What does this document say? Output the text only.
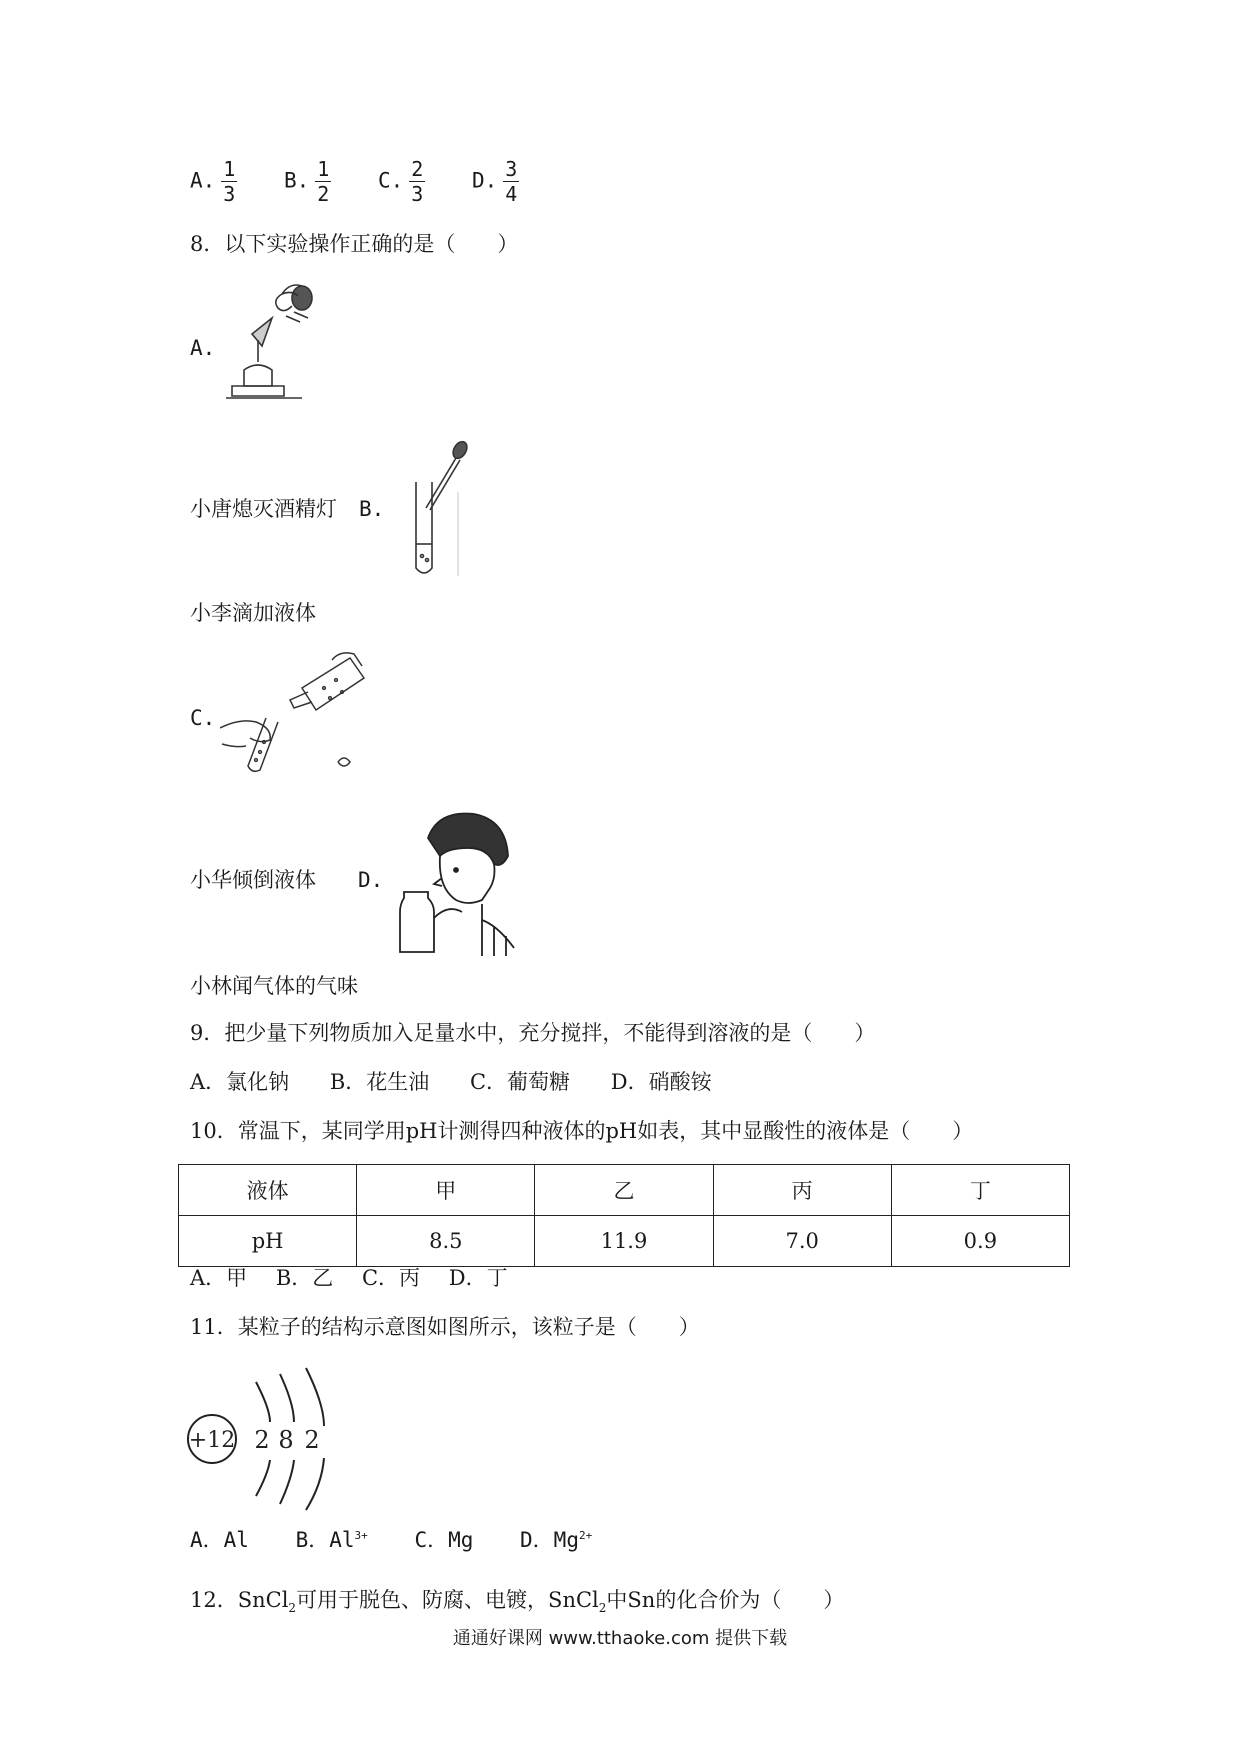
A. $\frac{1}{3} B$. $\frac{1}{2} C$. $\frac{2}{3} D$. $\frac{3}{4}$
8．以下实验操作正确的是（　　）
A.
小唐熄灭酒精灯 B.
小李滴加液体
C.
小华倾倒液体 D.
小林闻气体的气味
9．把少量下列物质加入足量水中，充分搅拌，不能得到溶液的是（　　）
A．氯化钠 B．花生油 C．葡萄糖 D．硝酸铵
10．常温下，某同学用pH计测得四种液体的pH如表，其中显酸性的液体是（　　）
液体	甲	乙	丙	丁
pH	8.5	11.9	7.0	0.9
A．甲 B．乙 C．丙 D．丁
11．某粒子的结构示意图如图所示，该粒子是（　　）
+12 2 8 2
A．Al B．$Al^{3+}$ C．Mg D．$Mg^{2+}$
12．SnCl$_2$可用于脱色、防腐、电镀，SnCl$_2$中Sn的化合价为（　　）
通通好课网 www.tthaoke.com 提供下载
